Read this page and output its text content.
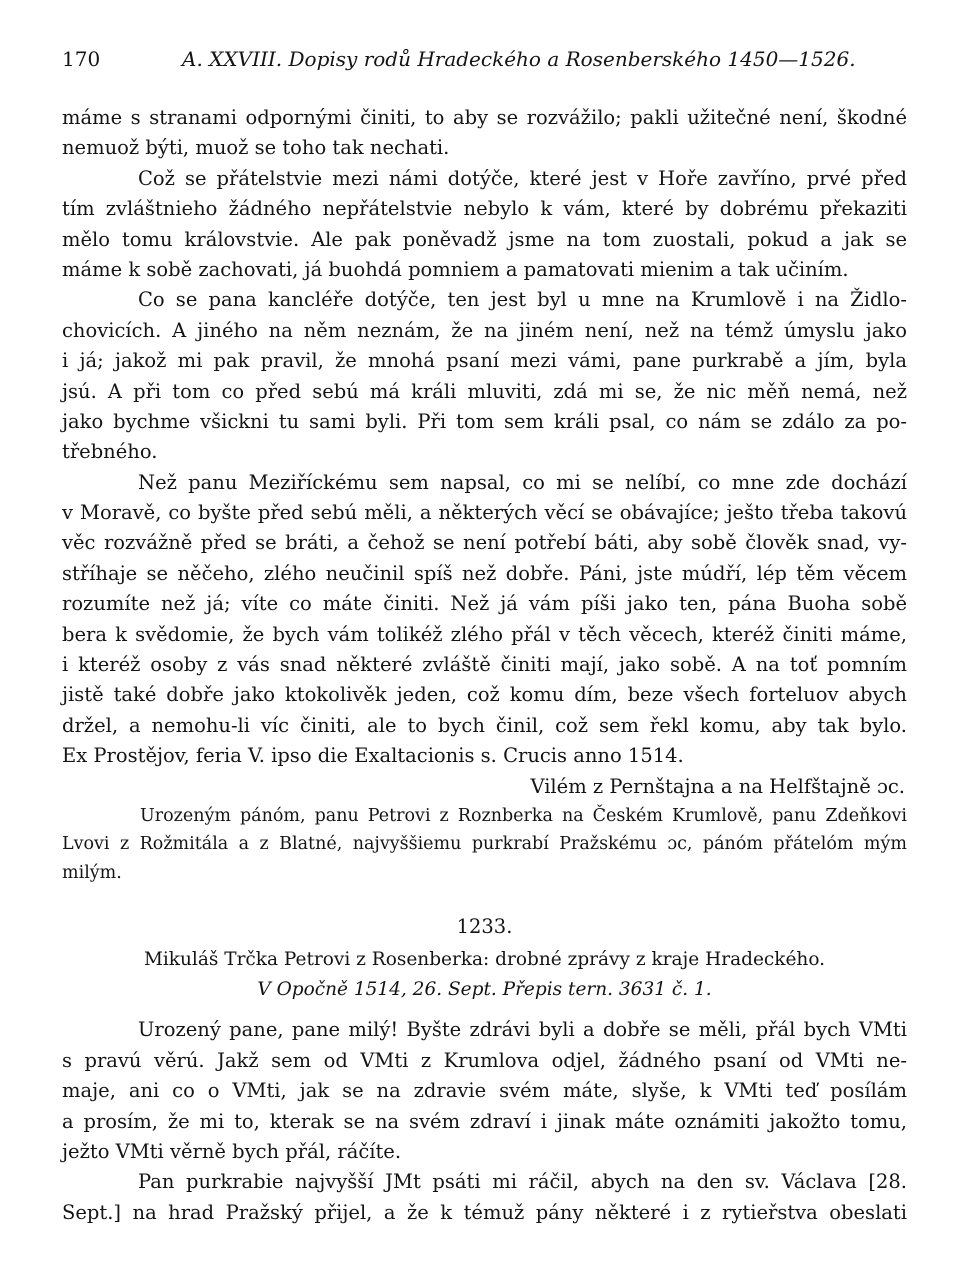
170	A. XXVIII. Dopisy rodů Hradeckého a Rosenberského 1450—1526.
máme s stranami odpornými činiti, to aby se rozvážilo; pakli užitečné není, škodné
nemuož býti, muož se toho tak nechati.
Což se přátelstvie mezi námi dotýče, které jest v Hoře zavříno, prvé před
tím zvláštnieho žádného nepřátelstvie nebylo k vám, které by dobrému překaziti
mělo tomu královstvie. Ale pak poněvadž jsme na tom zuostali, pokud a jak se
máme k sobě zachovati, já buohdá pomniem a pamatovati mienim a tak učiním.
Co se pana kancléře dotýče, ten jest byl u mne na Krumlově i na Židlo-
chovicích. A jiného na něm neznám, že na jiném není, než na témž úmyslu jako
i já; jakož mi pak pravil, že mnohá psaní mezi vámi, pane purkrabě a jím, byla
jsú. A při tom co před sebú má králi mluviti, zdá mi se, že nic měň nemá, než
jako bychme všickni tu sami byli. Při tom sem králi psal, co nám se zdálo za po-
třebného.
Než panu Meziříckému sem napsal, co mi se nelíbí, co mne zde dochází
v Moravě, co byšte před sebú měli, a některých věcí se obávajíce; ješto třeba takovú
věc rozvážně před se bráti, a čehož se není potřebí báti, aby sobě člověk snad, vy-
stříhaje se něčeho, zlého neučinil spíš než dobře. Páni, jste múdří, lép těm věcem
rozumíte než já; víte co máte činiti. Než já vám píši jako ten, pána Buoha sobě
bera k svědomie, že bych vám tolikéž zlého přál v těch věcech, kteréž činiti máme,
i kteréž osoby z vás snad některé zvláště činiti mají, jako sobě. A na toť pomním
jistě také dobře jako ktokolivěk jeden, což komu dím, beze všech forteluov abych
držel, a nemohu-li víc činiti, ale to bych činil, což sem řekl komu, aby tak bylo.
Ex Prostějov, feria V. ipso die Exaltacionis s. Crucis anno 1514.
Vilém z Pernštajna a na Helfštajně ɔc.
Urozeným pánóm, panu Petrovi z Roznberka na Českém Krumlově, panu Zdeňkovi
Lvovi z Rožmitála a z Blatné, najvyššiemu purkrabí Pražskému ɔc, pánóm přátelóm mým
milým.
1233.
Mikuláš Trčka Petrovi z Rosenberka: drobné zprávy z kraje Hradeckého.
V Opočně 1514, 26. Sept. Přepis tern. 3631 č. 1.
Urozený pane, pane milý! Byšte zdrávi byli a dobře se měli, přál bych VMti
s pravú věrú. Jakž sem od VMti z Krumlova odjel, žádného psaní od VMti ne-
maje, ani co o VMti, jak se na zdravie svém máte, slyše, k VMti teď posílám
a prosím, že mi to, kterak se na svém zdraví i jinak máte oznámiti jakožto tomu,
ježto VMti věrně bych přál, ráčíte.
Pan purkrabie najvyšší JMt psáti mi ráčil, abych na den sv. Václava [28.
Sept.] na hrad Pražský přijel, a že k témuž pány některé i z rytieřstva obeslati
